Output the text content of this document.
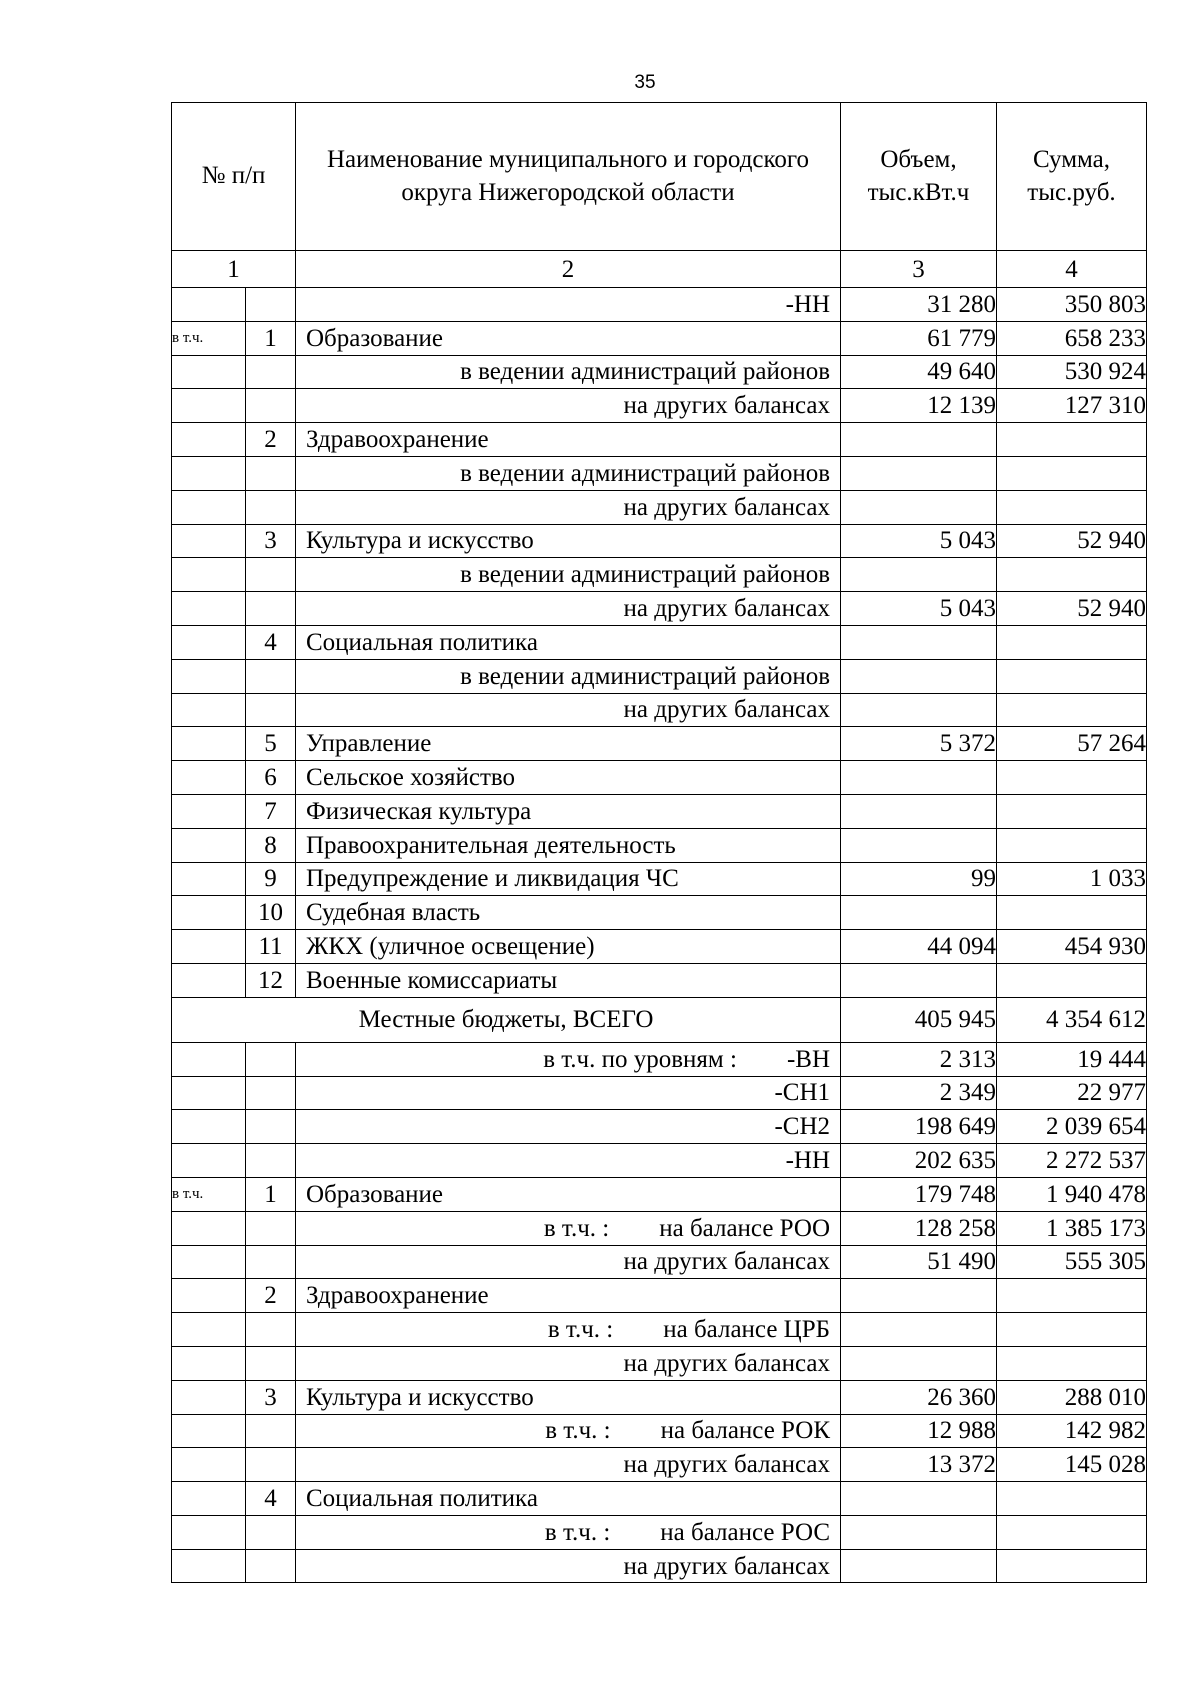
35
№ п/п		Наименование муниципального и городского округа Нижегородской области	Объем, тыс.кВт.ч	Сумма, тыс.руб.
1		2	3	4
		-НН	31 280	350 803
в т.ч.	1	Образование	61 779	658 233
		в ведении администраций районов	49 640	530 924
		на других балансах	12 139	127 310
	2	Здравоохранение		
		в ведении администраций районов		
		на других балансах		
	3	Культура и искусство	5 043	52 940
		в ведении администраций районов		
		на других балансах	5 043	52 940
	4	Социальная политика		
		в ведении администраций районов		
		на других балансах		
	5	Управление	5 372	57 264
	6	Сельское хозяйство		
	7	Физическая культура		
	8	Правоохранительная деятельность		
	9	Предупреждение и ликвидация ЧС	99	1 033
	10	Судебная власть		
	11	ЖКХ (уличное освещение)	44 094	454 930
	12	Военные комиссариаты		
Местные бюджеты, ВСЕГО			405 945	4 354 612

		в т.ч. по уровням : -ВН	2 313	19 444
		-СН1	2 349	22 977
		-СН2	198 649	2 039 654
		-НН	202 635	2 272 537
в т.ч.	1	Образование	179 748	1 940 478

		в т.ч. : на балансе РОО	128 258	1 385 173
		на других балансах	51 490	555 305
	2	Здравоохранение		

		в т.ч. : на балансе ЦРБ		

		на других балансах		
	3	Культура и искусство	26 360	288 010

		в т.ч. : на балансе РОК	12 988	142 982
		на других балансах	13 372	145 028
	4	Социальная политика		

		в т.ч. : на балансе РОС		

		на других балансах		
